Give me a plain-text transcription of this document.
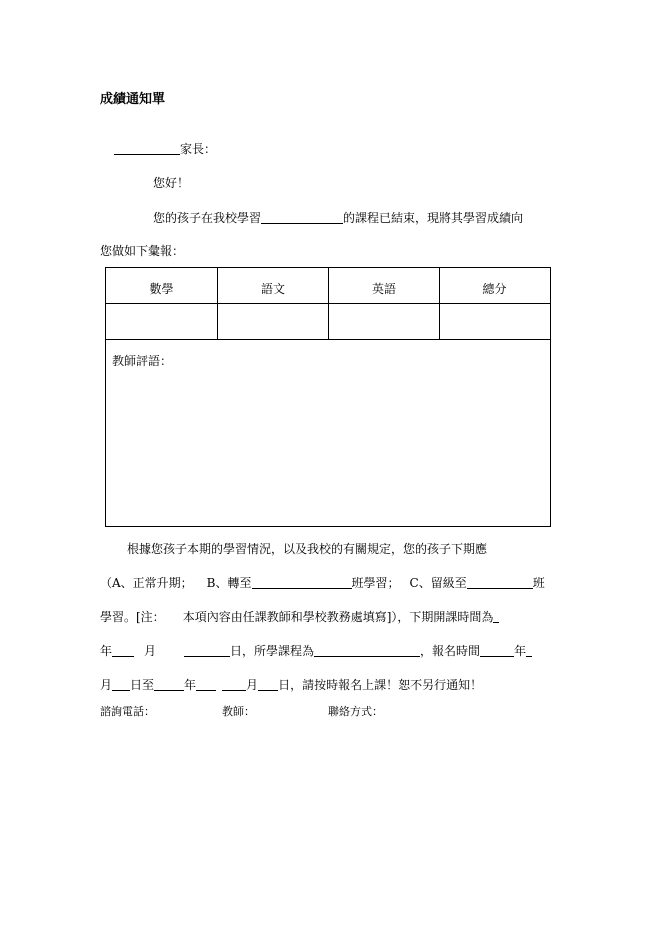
成績通知單
家長：
您好！
您的孩子在我校學習	的課程已結束，現將其學習成績向
您做如下彙報：
數學	語文	英語	總分
教師評語：
根據您孩子本期的學習情況，以及我校的有關規定，您的孩子下期應
（A、正常升期； B、轉至	班學習； C、留級至	班
學習。[注： 本項內容由任課教師和學校教務處填寫]），下期開課時間為
年	月	日，所學課程為	，報名時間	年
月 日至	年	月 日，請按時報名上課！恕不另行通知！
諮詢電話：	教師：	聯絡方式：
